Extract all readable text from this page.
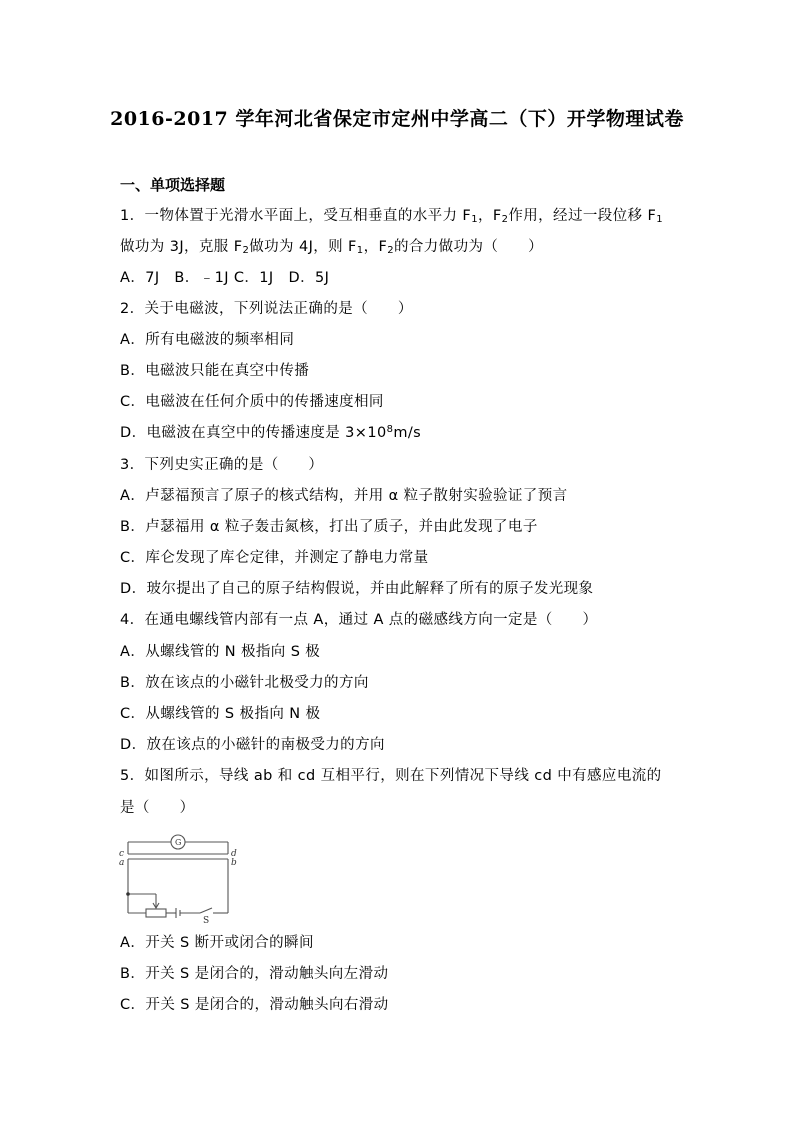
2016-2017 学年河北省保定市定州中学高二（下）开学物理试卷
一、单项选择题
1．一物体置于光滑水平面上，受互相垂直的水平力 $F_1$，$F_2$作用，经过一段位移 $F_1$
做功为 3J，克服 $F_2$做功为 4J，则 $F_1$，$F_2$的合力做功为（　　）
A．7J　B．﹣1J C．1J　D．5J
2．关于电磁波，下列说法正确的是（　　）
A．所有电磁波的频率相同
B．电磁波只能在真空中传播
C．电磁波在任何介质中的传播速度相同
D．电磁波在真空中的传播速度是 $3\times 10^8m/s$
3．下列史实正确的是（　　）
A．卢瑟福预言了原子的核式结构，并用 α 粒子散射实验验证了预言
B．卢瑟福用 α 粒子轰击氮核，打出了质子，并由此发现了电子
C．库仑发现了库仑定律，并测定了静电力常量
D．玻尔提出了自己的原子结构假说，并由此解释了所有的原子发光现象
4．在通电螺线管内部有一点 A，通过 A 点的磁感线方向一定是（　　）
A．从螺线管的 N 极指向 S 极
B．放在该点的小磁针北极受力的方向
C．从螺线管的 S 极指向 N 极
D．放在该点的小磁针的南极受力的方向
5．如图所示，导线 ab 和 cd 互相平行，则在下列情况下导线 cd 中有感应电流的
是（　　）
G
c
a
d
b
S
A．开关 S 断开或闭合的瞬间
B．开关 S 是闭合的，滑动触头向左滑动
C．开关 S 是闭合的，滑动触头向右滑动
